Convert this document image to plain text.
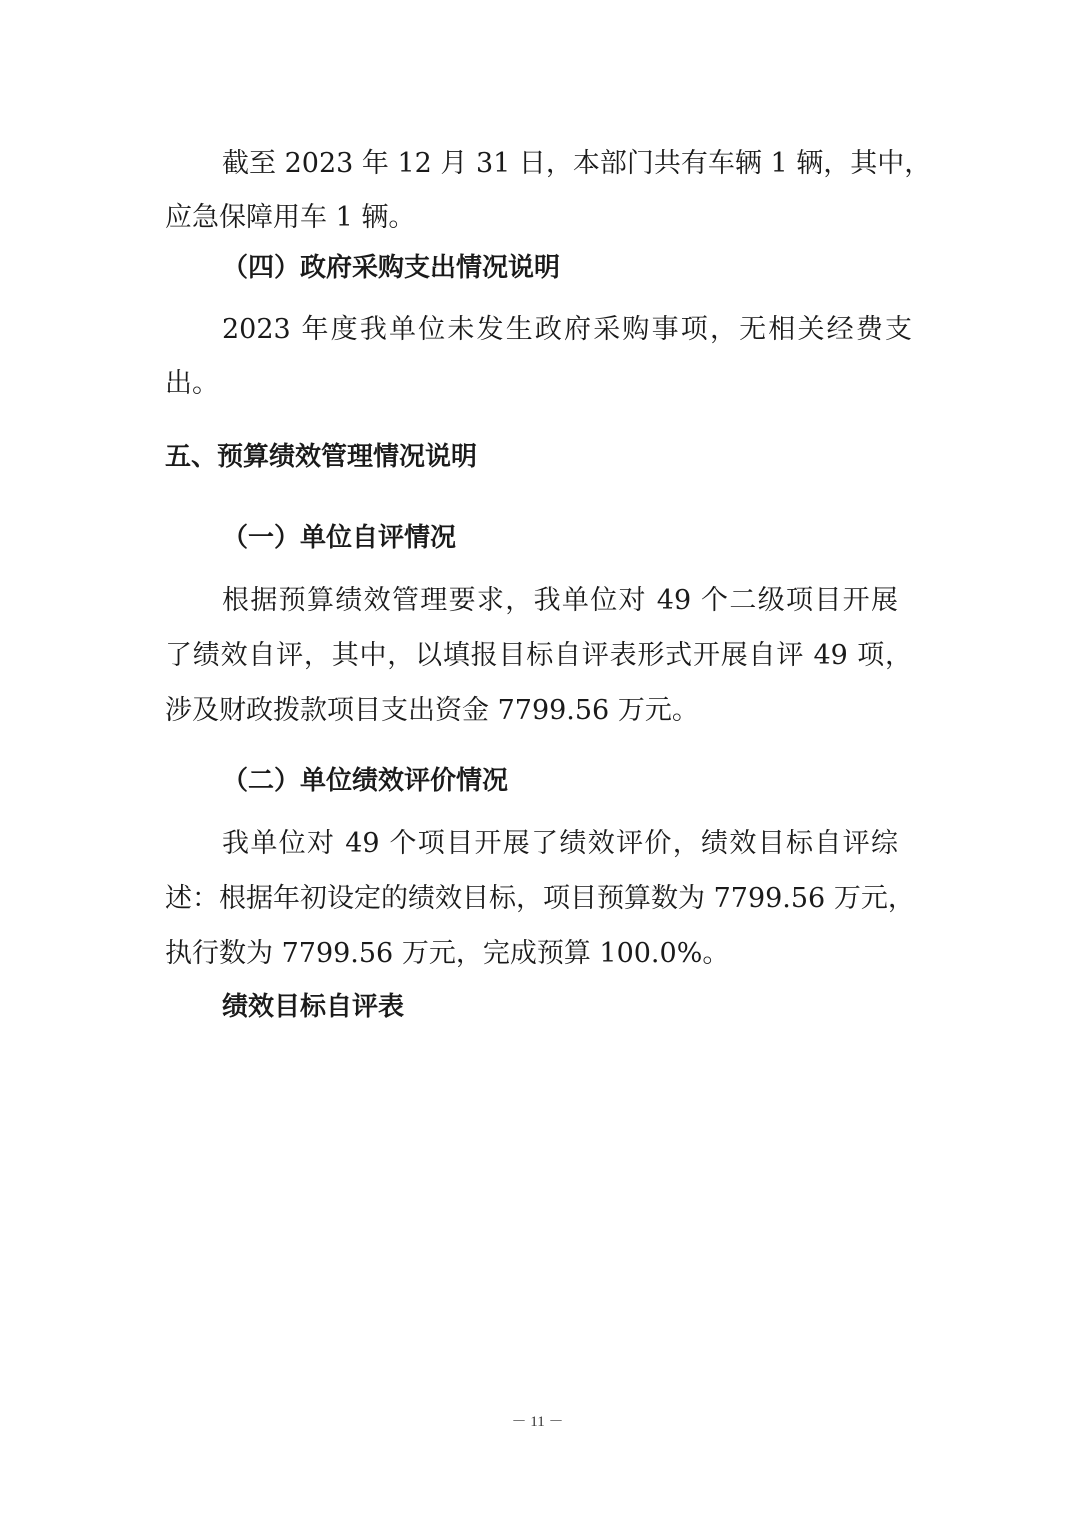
截至 2023 年 12 月 31 日，本部门共有车辆 1 辆，其中，
应急保障用车 1 辆。
（四）政府采购支出情况说明
2023 年度我单位未发生政府采购事项，无相关经费支
出。
五、预算绩效管理情况说明
（一）单位自评情况
根据预算绩效管理要求，我单位对 49 个二级项目开展
了绩效自评，其中，以填报目标自评表形式开展自评 49 项，
涉及财政拨款项目支出资金 7799.56 万元。
（二）单位绩效评价情况
我单位对 49 个项目开展了绩效评价，绩效目标自评综
述：根据年初设定的绩效目标，项目预算数为 7799.56 万元，
执行数为 7799.56 万元，完成预算 100.0%。
绩效目标自评表
－ 11 －
